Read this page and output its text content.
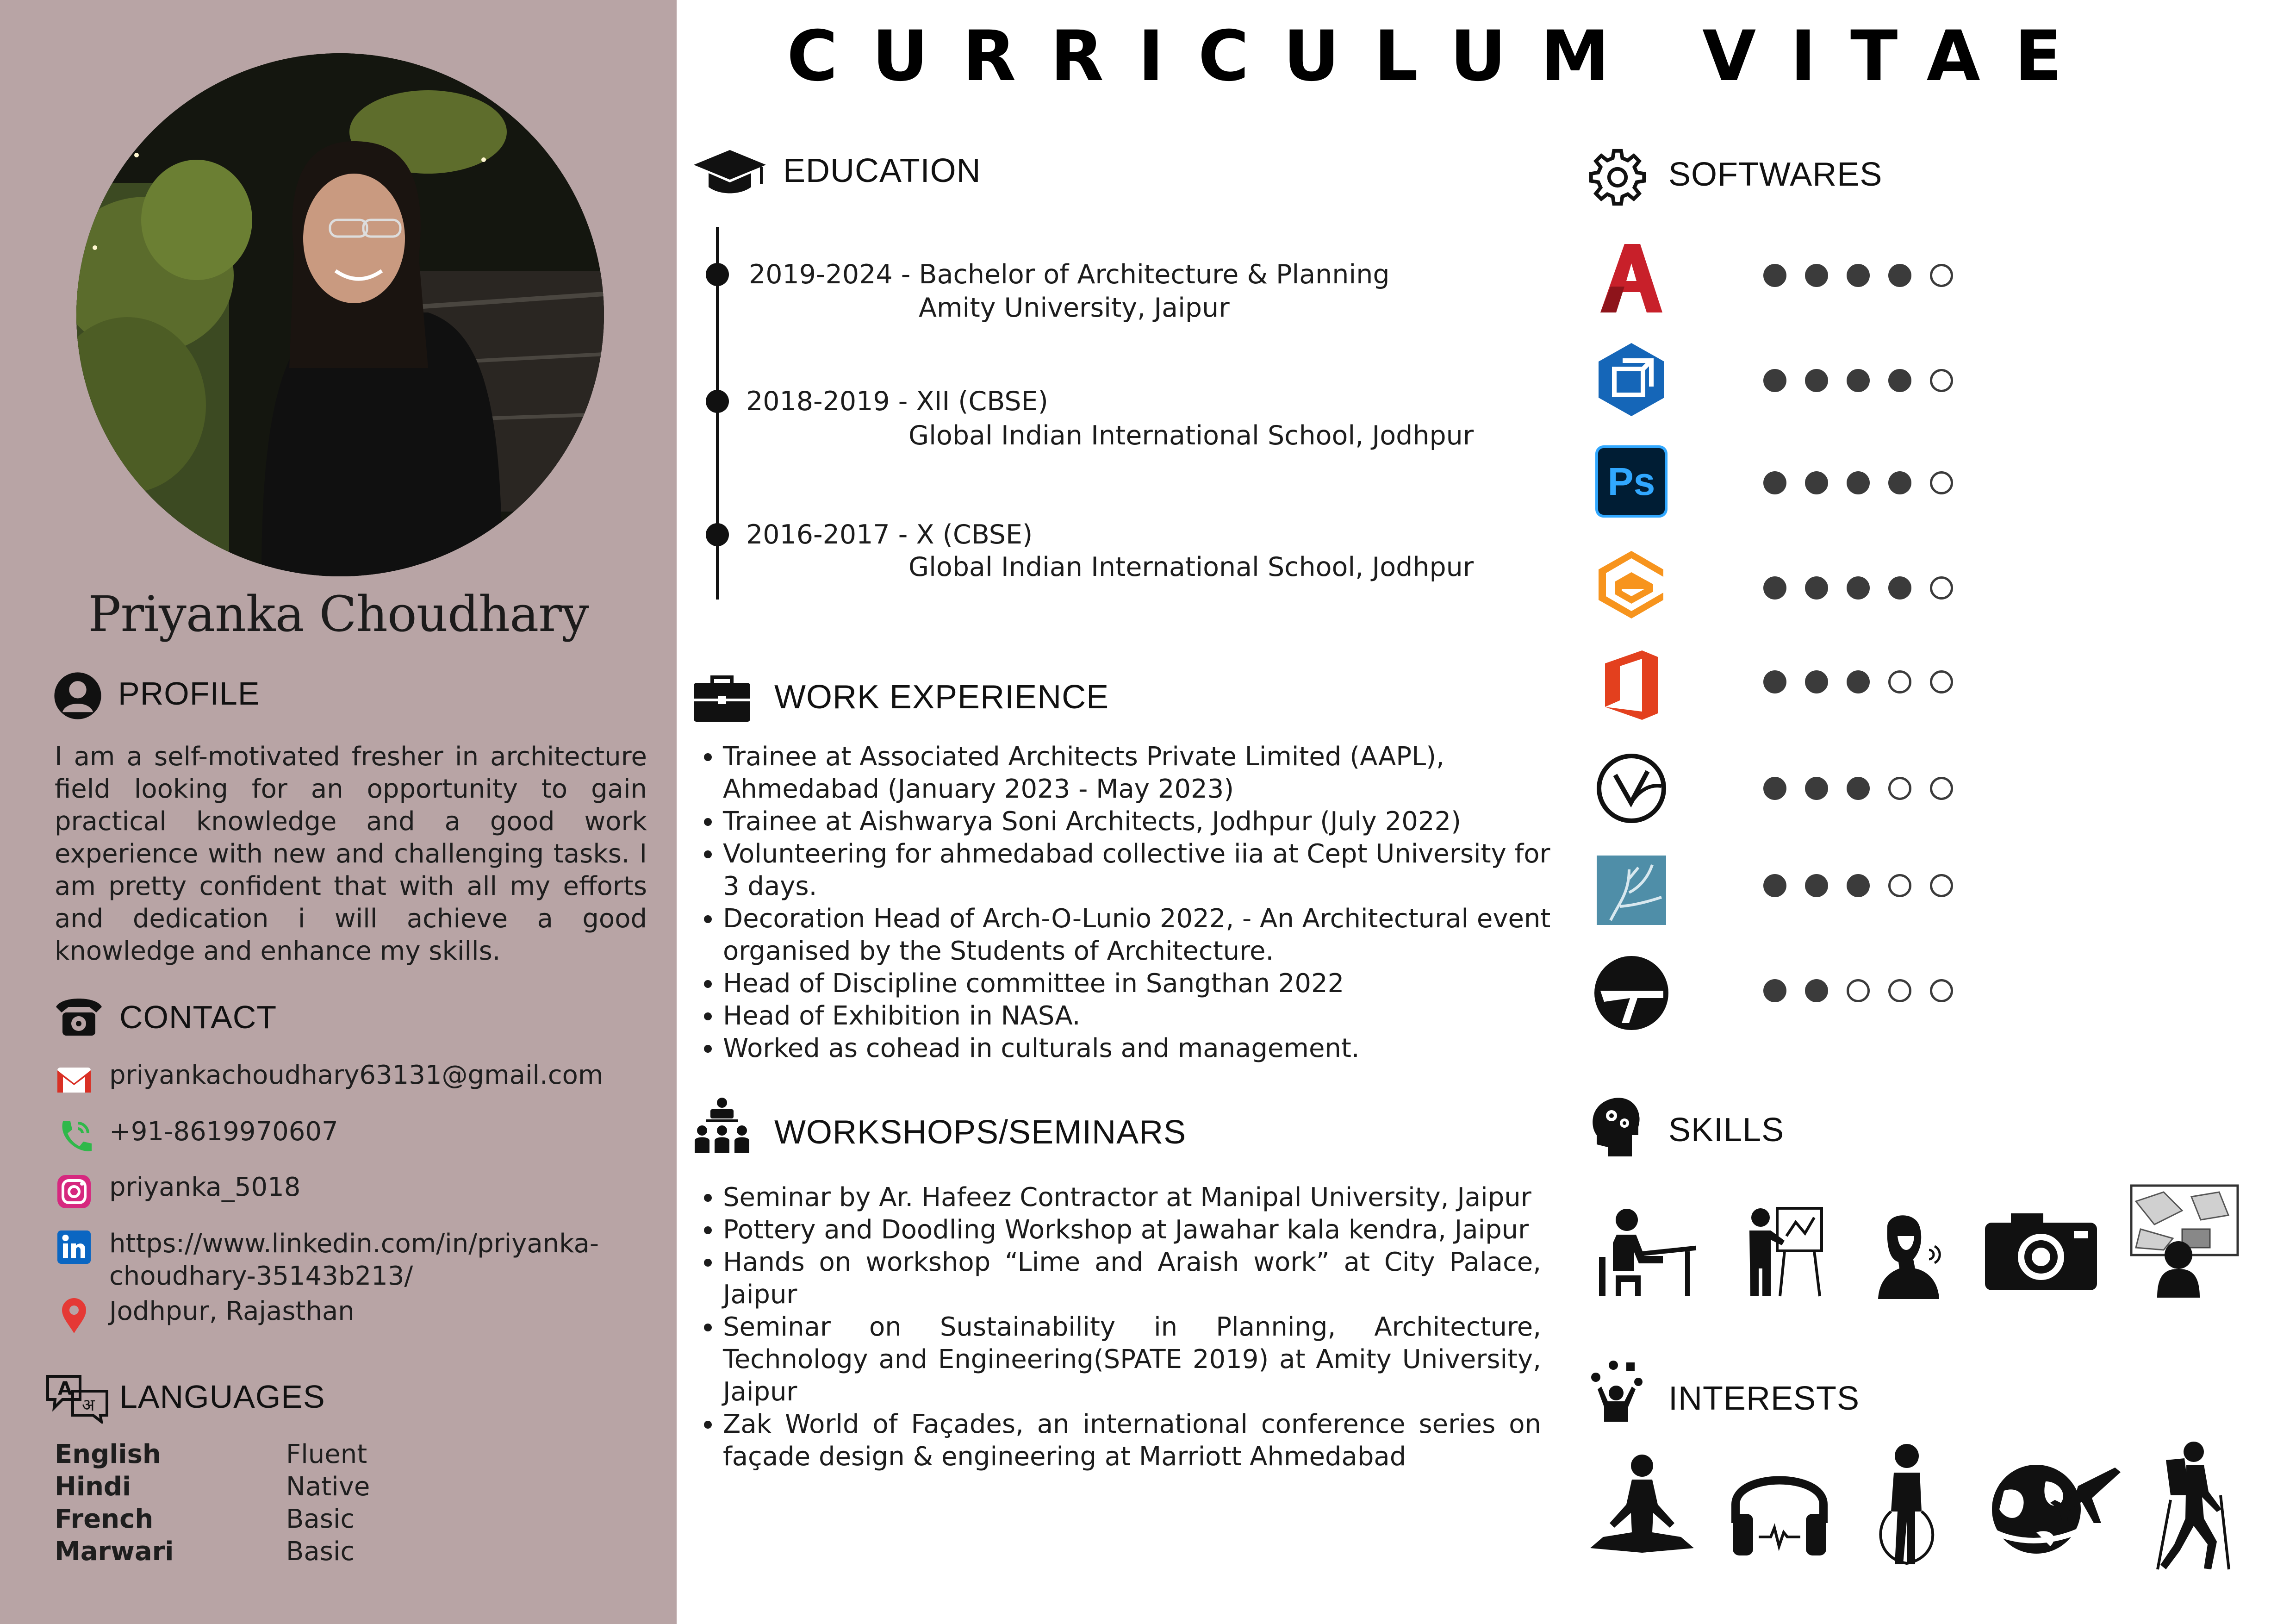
Priyanka Choudhary
PROFILE
I am a self-motivated fresher in architecture field looking for an opportunity to gain practical knowledge and a good work experience with new and challenging tasks. I am pretty confident that with all my efforts and dedication i will achieve a good knowledge and enhance my skills.
CONTACT
priyankachoudhary63131@gmail.com
+91-8619970607
priyanka_5018
https://www.linkedin.com/in/priyanka-
choudhary-35143b213/
Jodhpur, Rajasthan
A
अ LANGUAGES
English	Fluent
Hindi	Native
French	Basic
Marwari	Basic
CURRICULUM VITAE
EDUCATION
2019-2024 - Bachelor of Architecture & Planning
Amity University, Jaipur
2018-2019 - XII (CBSE)
Global Indian International School, Jodhpur
2016-2017 - X (CBSE)
Global Indian International School, Jodhpur
WORK EXPERIENCE
• Trainee at Associated Architects Private Limited (AAPL), Ahmedabad (January 2023 - May 2023)
• Trainee at Aishwarya Soni Architects, Jodhpur (July 2022)
• Volunteering for ahmedabad collective iia at Cept University for 3 days.
• Decoration Head of Arch-O-Lunio 2022, - An Architectural event organised by the Students of Architecture.
• Head of Discipline committee in Sangthan 2022
• Head of Exhibition in NASA.
• Worked as cohead in culturals and management.
WORKSHOPS/SEMINARS
• Seminar by Ar. Hafeez Contractor at Manipal University, Jaipur
• Pottery and Doodling Workshop at Jawahar kala kendra, Jaipur
• Hands on workshop “Lime and Araish work” at City Palace, Jaipur
• Seminar on Sustainability in Planning, Architecture, Technology and Engineering(SPATE 2019) at Amity University, Jaipur
• Zak World of Façades, an international conference series on façade design & engineering at Marriott Ahmedabad
SOFTWARES
Ps
SKILLS
INTERESTS
